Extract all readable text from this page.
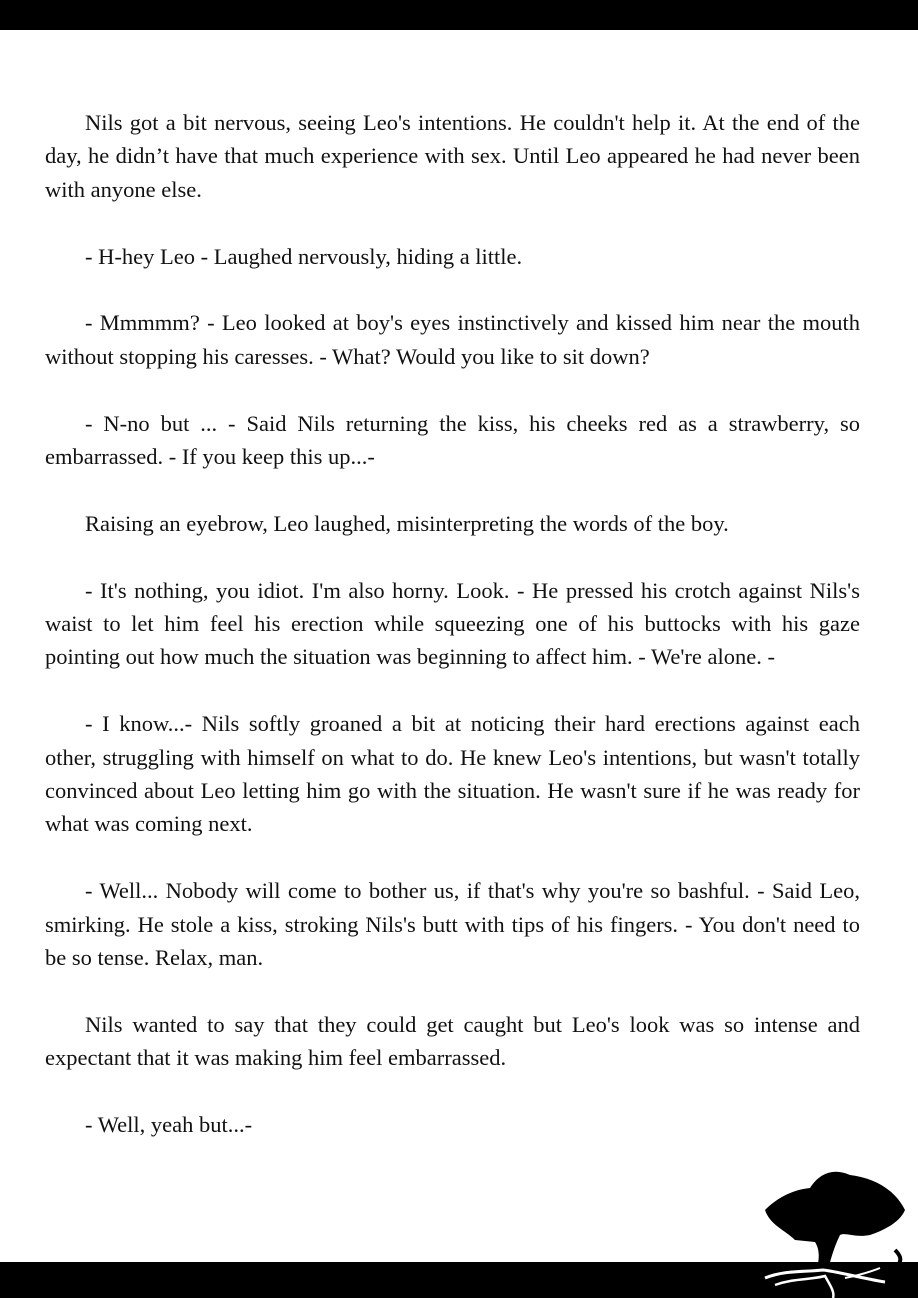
Nils got a bit nervous, seeing Leo's intentions. He couldn't help it. At the end of the day, he didn’t have that much experience with sex. Until Leo appeared he had never been with anyone else.

- H-hey Leo - Laughed nervously, hiding a little.

- Mmmmm? - Leo looked at boy's eyes instinctively and kissed him near the mouth without stopping his caresses. - What? Would you like to sit down?

- N-no but ... - Said Nils returning the kiss, his cheeks red as a strawberry, so embarrassed. - If you keep this up...-

Raising an eyebrow, Leo laughed, misinterpreting the words of the boy.

- It's nothing, you idiot. I'm also horny. Look. - He pressed his crotch against Nils's waist to let him feel his erection while squeezing one of his buttocks with his gaze pointing out how much the situation was beginning to affect him. - We're alone. -

- I know...- Nils softly groaned a bit at noticing their hard erections against each other, struggling with himself on what to do. He knew Leo's intentions, but wasn't totally convinced about Leo letting him go with the situation. He wasn't sure if he was ready for what was coming next.

- Well... Nobody will come to bother us, if that's why you're so bashful. - Said Leo, smirking. He stole a kiss, stroking Nils's butt with tips of his fingers. - You don't need to be so tense. Relax, man.

Nils wanted to say that they could get caught but Leo's look was so intense and expectant that it was making him feel embarrassed.

- Well, yeah but...-
